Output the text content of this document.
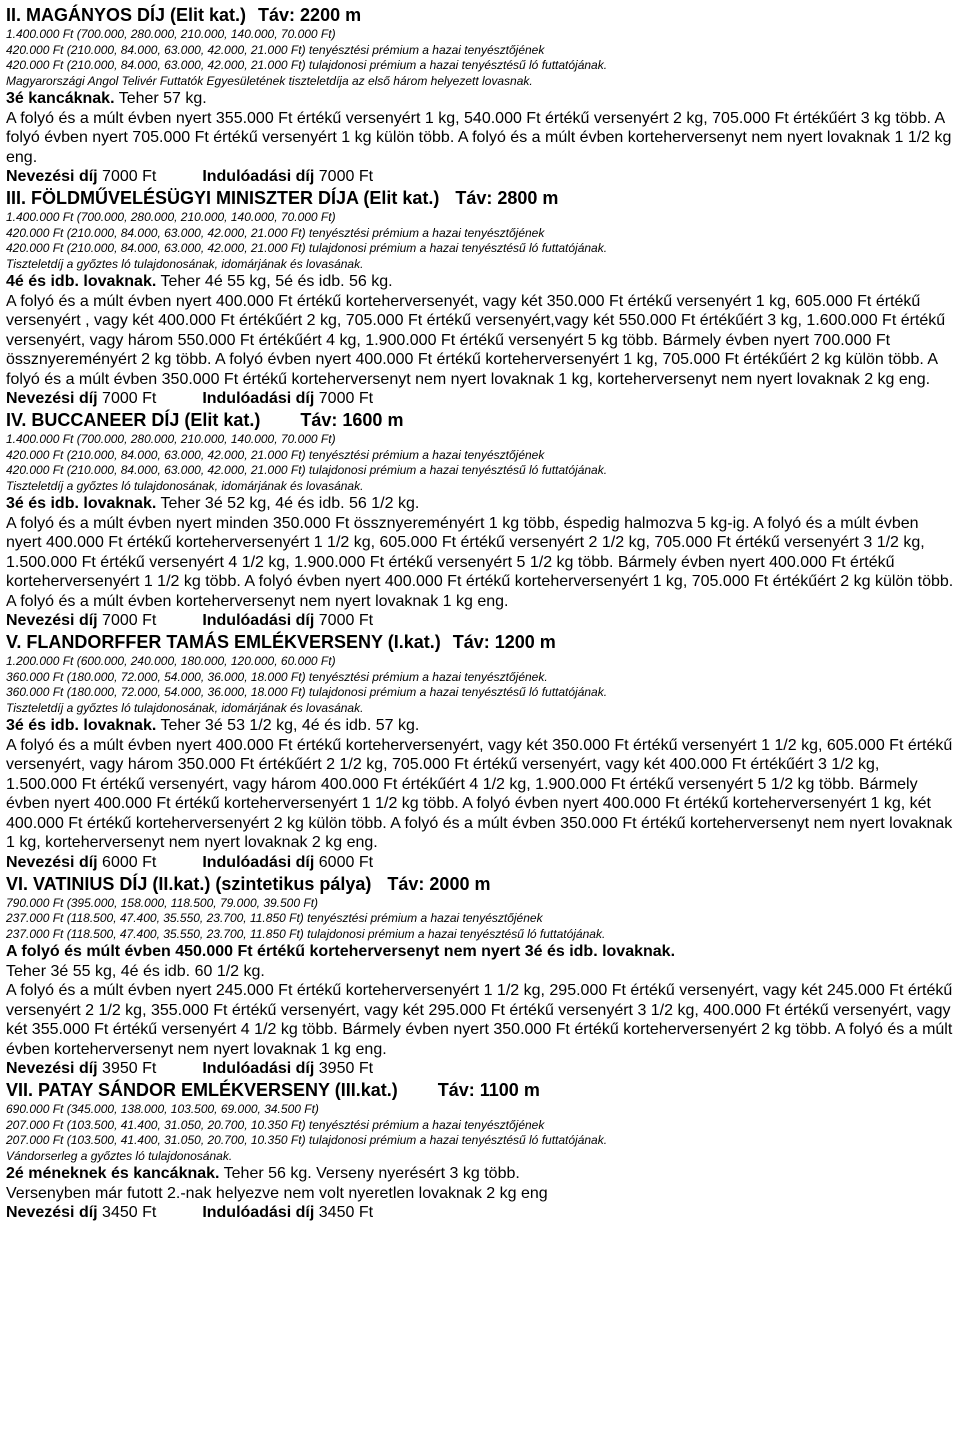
II. MAGÁNYOS DÍJ (Elit kat.) Táv: 2200 m
1.400.000 Ft (700.000, 280.000, 210.000, 140.000, 70.000 Ft)
420.000 Ft (210.000, 84.000, 63.000, 42.000, 21.000 Ft) tenyésztési prémium a hazai tenyésztőjének
420.000 Ft (210.000, 84.000, 63.000, 42.000, 21.000 Ft) tulajdonosi prémium a hazai tenyésztésű ló futtatójának.
Magyarországi Angol Telivér Futtatók Egyesületének tiszteletdíja az első három helyezett lovasnak.
3é kancáknak. Teher 57 kg.
A folyó és a múlt évben nyert 355.000 Ft értékű versenyért 1 kg, 540.000 Ft értékű versenyért 2 kg, 705.000 Ft értékűért 3 kg több. A folyó évben nyert 705.000 Ft értékű versenyért 1 kg külön több. A folyó és a múlt évben korteherversenyt nem nyert lovaknak 1 1/2 kg eng.
Nevezési díj 7000 Ft	Indulóadási díj 7000 Ft
III. FÖLDMŰVELÉSÜGYI MINISZTER DÍJA (Elit kat.) Táv: 2800 m
1.400.000 Ft (700.000, 280.000, 210.000, 140.000, 70.000 Ft)
420.000 Ft (210.000, 84.000, 63.000, 42.000, 21.000 Ft) tenyésztési prémium a hazai tenyésztőjének
420.000 Ft (210.000, 84.000, 63.000, 42.000, 21.000 Ft) tulajdonosi prémium a hazai tenyésztésű ló futtatójának.
Tiszteletdíj a győztes ló tulajdonosának, idomárjának és lovasának.
4é és idb. lovaknak. Teher 4é 55 kg, 5é és idb. 56 kg.
A folyó és a múlt évben nyert 400.000 Ft értékű korteherversenyét, vagy két 350.000 Ft értékű versenyért 1 kg, 605.000 Ft értékű versenyért , vagy két 400.000 Ft értékűért 2 kg, 705.000 Ft értékű versenyért,vagy két 550.000 Ft értékűért 3 kg, 1.600.000 Ft értékű versenyért, vagy három 550.000 Ft értékűért 4 kg, 1.900.000 Ft értékű versenyért 5 kg több. Bármely évben nyert 700.000 Ft össznyereményért 2 kg több. A folyó évben nyert 400.000 Ft értékű korteherversenyért 1 kg, 705.000 Ft értékűért 2 kg külön több. A folyó és a múlt évben 350.000 Ft értékű korteherversenyt nem nyert lovaknak 1 kg, korteherversenyt nem nyert lovaknak 2 kg eng.
Nevezési díj 7000 Ft	Indulóadási díj 7000 Ft
IV. BUCCANEER DÍJ (Elit kat.) Táv: 1600 m
1.400.000 Ft (700.000, 280.000, 210.000, 140.000, 70.000 Ft)
420.000 Ft (210.000, 84.000, 63.000, 42.000, 21.000 Ft) tenyésztési prémium a hazai tenyésztőjének
420.000 Ft (210.000, 84.000, 63.000, 42.000, 21.000 Ft) tulajdonosi prémium a hazai tenyésztésű ló futtatójának.
Tiszteletdíj a győztes ló tulajdonosának, idomárjának és lovasának.
3é és idb. lovaknak. Teher 3é 52 kg, 4é és idb. 56 1/2 kg.
A folyó és a múlt évben nyert minden 350.000 Ft össznyereményért 1 kg több, éspedig halmozva 5 kg-ig. A folyó és a múlt évben nyert 400.000 Ft értékű korteherversenyért 1 1/2 kg, 605.000 Ft értékű versenyért 2 1/2 kg, 705.000 Ft értékű versenyért 3 1/2 kg, 1.500.000 Ft értékű versenyért 4 1/2 kg, 1.900.000 Ft értékű versenyért 5 1/2 kg több. Bármely évben nyert 400.000 Ft értékű korteherversenyért 1 1/2 kg több. A folyó évben nyert 400.000 Ft értékű korteherversenyért 1 kg, 705.000 Ft értékűért 2 kg külön több. A folyó és a múlt évben korteherversenyt nem nyert lovaknak 1 kg eng.
Nevezési díj 7000 Ft	Indulóadási díj 7000 Ft
V. FLANDORFFER TAMÁS EMLÉKVERSENY (I.kat.) Táv: 1200 m
1.200.000 Ft (600.000, 240.000, 180.000, 120.000, 60.000 Ft)
360.000 Ft (180.000, 72.000, 54.000, 36.000, 18.000 Ft) tenyésztési prémium a hazai tenyésztőjének.
360.000 Ft (180.000, 72.000, 54.000, 36.000, 18.000 Ft) tulajdonosi prémium a hazai tenyésztésű ló futtatójának.
Tiszteletdíj a győztes ló tulajdonosának, idomárjának és lovasának.
3é és idb. lovaknak. Teher 3é 53 1/2 kg, 4é és idb. 57 kg.
A folyó és a múlt évben nyert 400.000 Ft értékű korteherversenyért, vagy két 350.000 Ft értékű versenyért 1 1/2 kg, 605.000 Ft értékű versenyért, vagy három 350.000 Ft értékűért 2 1/2 kg, 705.000 Ft értékű versenyért, vagy két 400.000 Ft értékűért 3 1/2 kg, 1.500.000 Ft értékű versenyért, vagy három 400.000 Ft értékűért 4 1/2 kg, 1.900.000 Ft értékű versenyért 5 1/2 kg több. Bármely évben nyert 400.000 Ft értékű korteherversenyért 1 1/2 kg több. A folyó évben nyert 400.000 Ft értékű korteherversenyért 1 kg, két 400.000 Ft értékű korteherversenyért 2 kg külön több. A folyó és a múlt évben 350.000 Ft értékű korteherversenyt nem nyert lovaknak 1 kg, korteherversenyt nem nyert lovaknak 2 kg eng.
Nevezési díj 6000 Ft	Indulóadási díj 6000 Ft
VI. VATINIUS DÍJ (II.kat.) (szintetikus pálya) Táv: 2000 m
790.000 Ft (395.000, 158.000, 118.500, 79.000, 39.500 Ft)
237.000 Ft (118.500, 47.400, 35.550, 23.700, 11.850 Ft) tenyésztési prémium a hazai tenyésztőjének
237.000 Ft (118.500, 47.400, 35.550, 23.700, 11.850 Ft) tulajdonosi prémium a hazai tenyésztésű ló futtatójának.
A folyó és múlt évben 450.000 Ft értékű korteherversenyt nem nyert 3é és idb. lovaknak.
Teher 3é 55 kg, 4é és idb. 60 1/2 kg.
A folyó és a múlt évben nyert 245.000 Ft értékű korteherversenyért 1 1/2 kg, 295.000 Ft értékű versenyért, vagy két 245.000 Ft értékű versenyért 2 1/2 kg, 355.000 Ft értékű versenyért, vagy két 295.000 Ft értékű versenyért 3 1/2 kg, 400.000 Ft értékű versenyért, vagy két 355.000 Ft értékű versenyért 4 1/2 kg több. Bármely évben nyert 350.000 Ft értékű korteherversenyért 2 kg több. A folyó és a múlt évben korteherversenyt nem nyert lovaknak 1 kg eng.
Nevezési díj 3950 Ft	Indulóadási díj 3950 Ft
VII. PATAY SÁNDOR EMLÉKVERSENY (III.kat.) Táv: 1100 m
690.000 Ft (345.000, 138.000, 103.500, 69.000, 34.500 Ft)
207.000 Ft (103.500, 41.400, 31.050, 20.700, 10.350 Ft) tenyésztési prémium a hazai tenyésztőjének
207.000 Ft (103.500, 41.400, 31.050, 20.700, 10.350 Ft) tulajdonosi prémium a hazai tenyésztésű ló futtatójának.
Vándorserleg a győztes ló tulajdonosának.
2é méneknek és kancáknak. Teher 56 kg. Verseny nyerésért 3 kg több.
Versenyben már futott 2.-nak helyezve nem volt nyeretlen lovaknak 2 kg eng
Nevezési díj 3450 Ft	Indulóadási díj 3450 Ft
